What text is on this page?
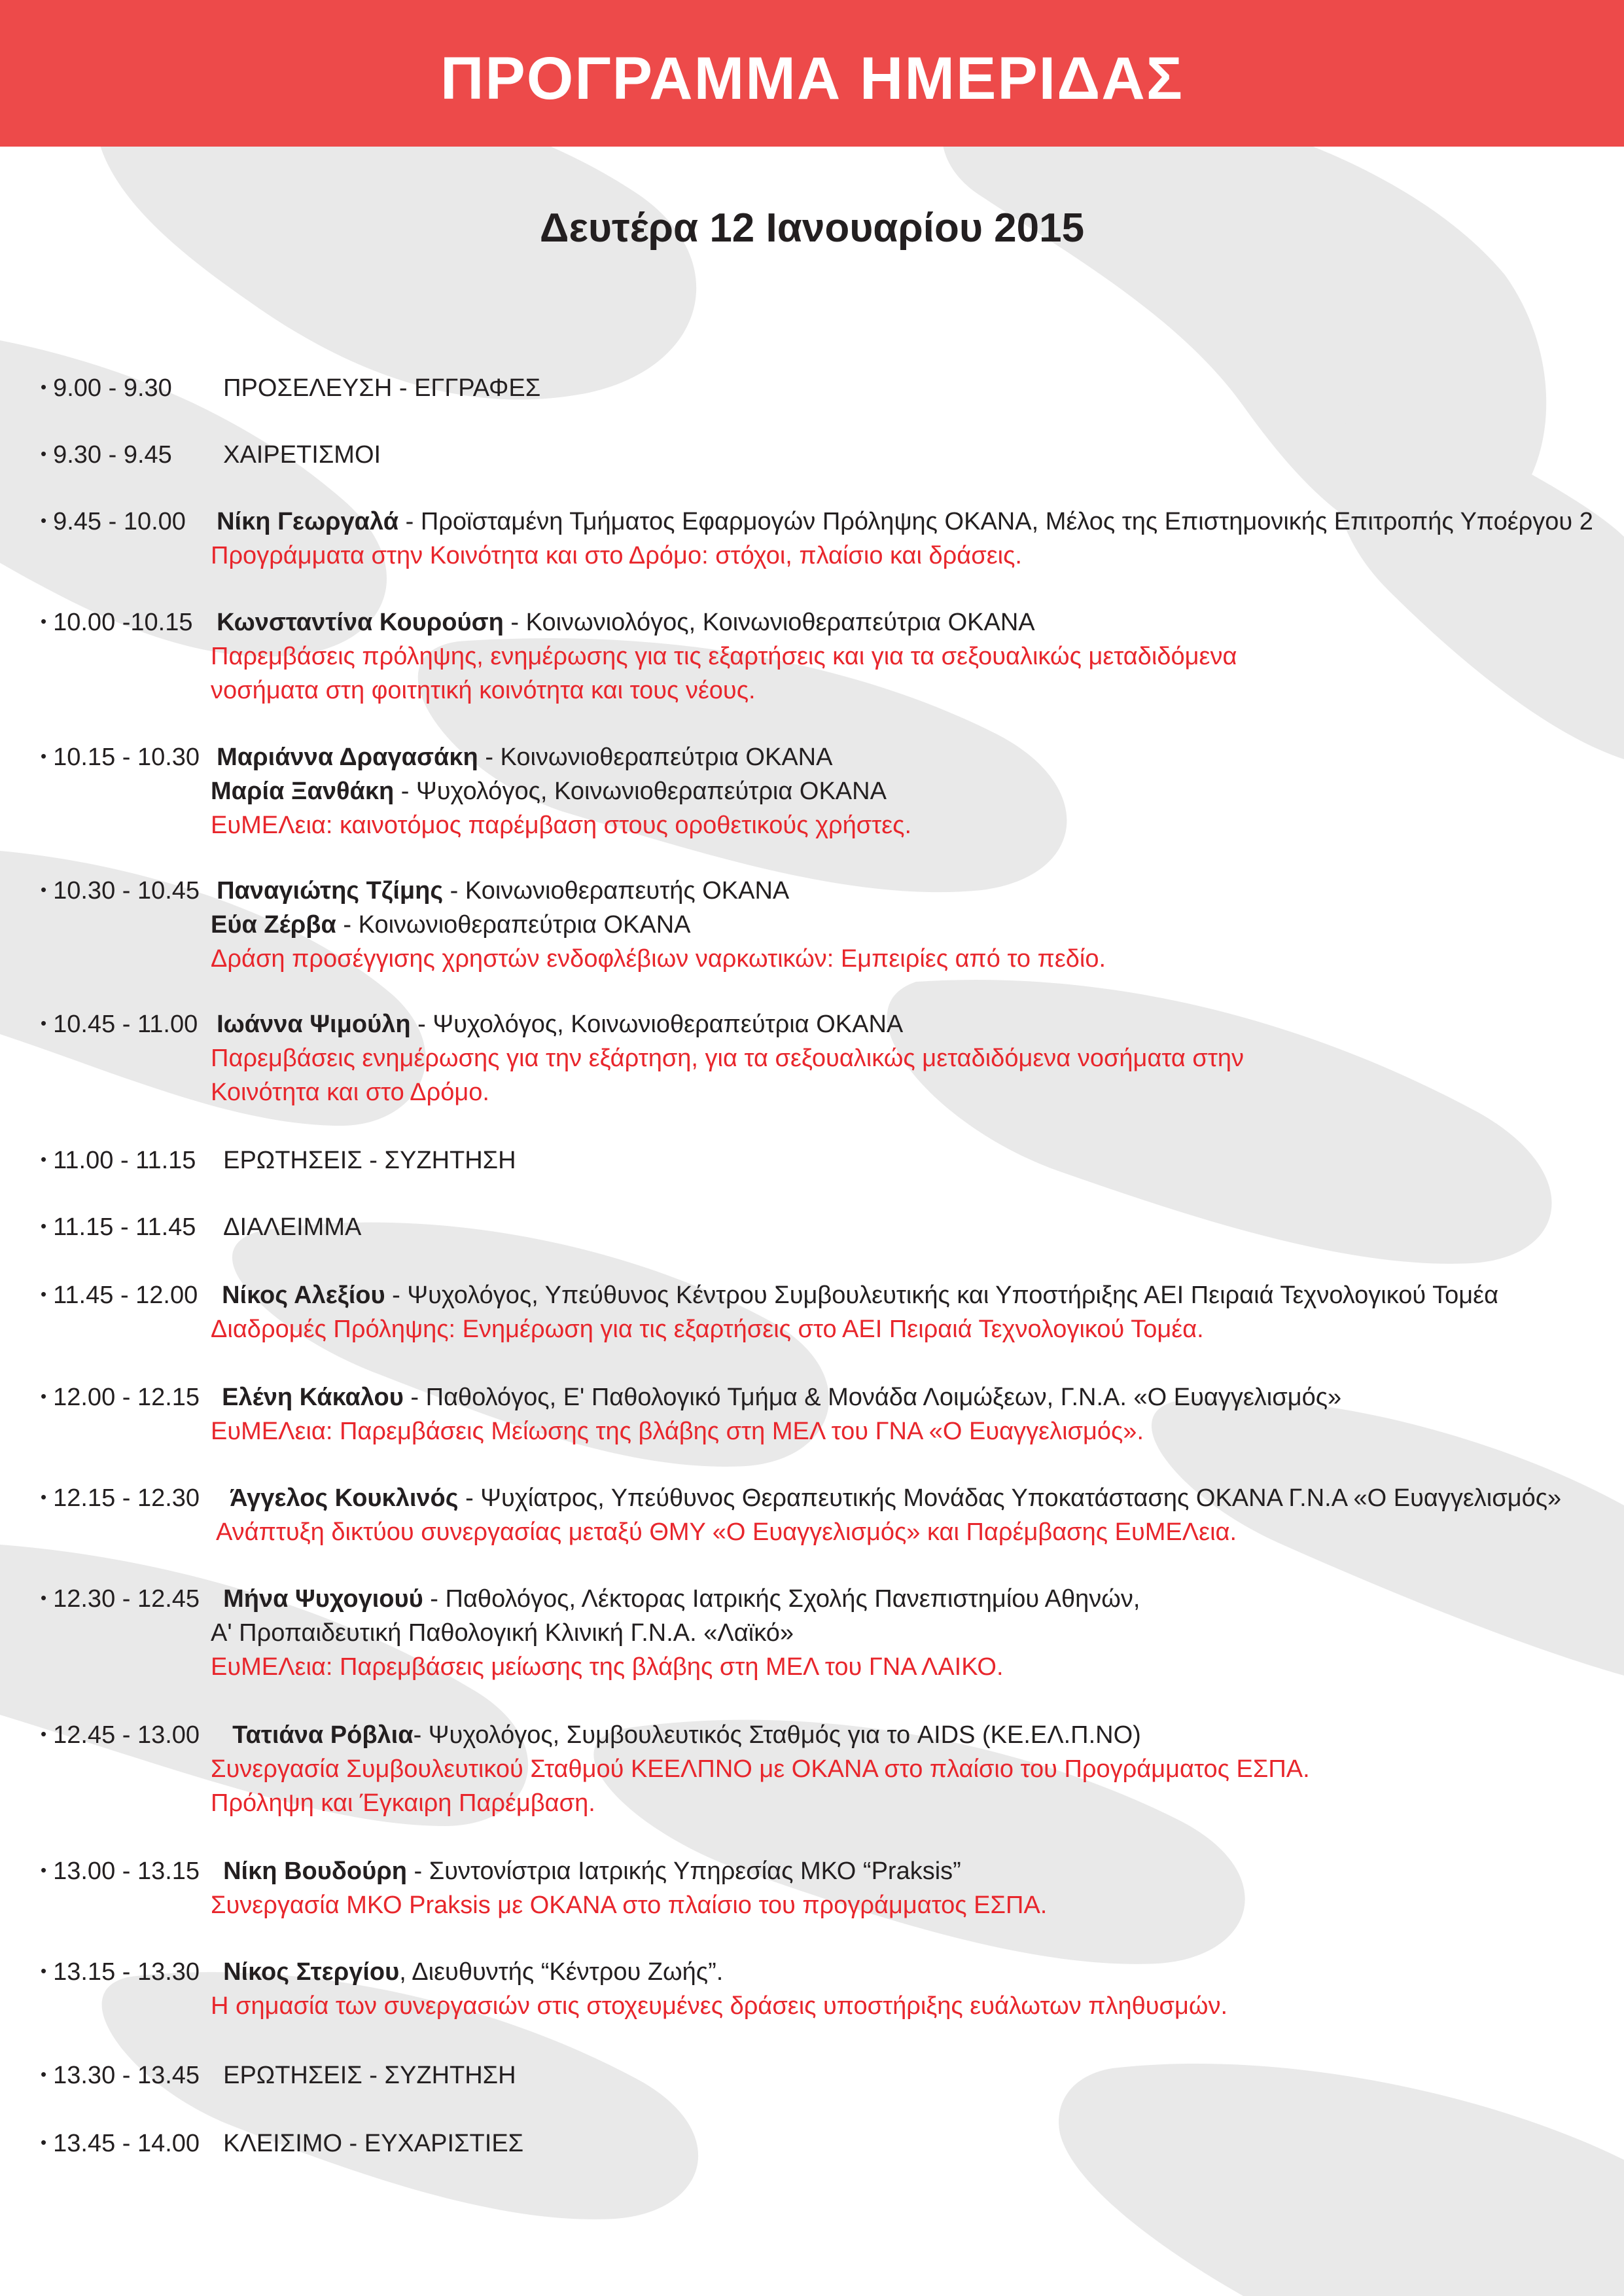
ΠΡΟΓΡΑΜΜΑ ΗΜΕΡΙΔΑΣ
Δευτέρα 12 Ιανουαρίου 2015
• 9.00 - 9.30 ΠΡΟΣΕΛΕΥΣΗ - ΕΓΓΡΑΦΕΣ
• 9.30 - 9.45 ΧΑΙΡΕΤΙΣΜΟΙ
• 9.45 - 10.00 Νίκη Γεωργαλά - Προϊσταμένη Τμήματος Εφαρμογών Πρόληψης ΟΚΑΝΑ, Μέλος της Επιστημονικής Επιτροπής Υποέργου 2
Προγράμματα στην Κοινότητα και στο Δρόμο: στόχοι, πλαίσιο και δράσεις.
• 10.00 -10.15 Κωνσταντίνα Κουρούση - Κοινωνιολόγος, Κοινωνιοθεραπεύτρια ΟΚΑΝΑ
Παρεμβάσεις πρόληψης, ενημέρωσης για τις εξαρτήσεις και για τα σεξουαλικώς μεταδιδόμενα
νοσήματα στη φοιτητική κοινότητα και τους νέους.
• 10.15 - 10.30 Μαριάννα Δραγασάκη - Κοινωνιοθεραπεύτρια ΟΚΑΝΑ
Μαρία Ξανθάκη - Ψυχολόγος, Κοινωνιοθεραπεύτρια ΟΚΑΝΑ
ΕυΜΕΛεια: καινοτόμος παρέμβαση στους οροθετικούς χρήστες.
• 10.30 - 10.45 Παναγιώτης Τζίμης - Κοινωνιοθεραπευτής ΟΚΑΝΑ
Εύα Ζέρβα - Κοινωνιοθεραπεύτρια ΟΚΑΝΑ
Δράση προσέγγισης χρηστών ενδοφλέβιων ναρκωτικών: Εμπειρίες από το πεδίο.
• 10.45 - 11.00 Ιωάννα Ψιμούλη - Ψυχολόγος, Κοινωνιοθεραπεύτρια ΟΚΑΝΑ
Παρεμβάσεις ενημέρωσης για την εξάρτηση, για τα σεξουαλικώς μεταδιδόμενα νοσήματα στην
Κοινότητα και στο Δρόμο.
• 11.00 - 11.15 ΕΡΩΤΗΣΕΙΣ - ΣΥΖΗΤΗΣΗ
• 11.15 - 11.45 ΔΙΑΛΕΙΜΜΑ
• 11.45 - 12.00 Νίκος Αλεξίου - Ψυχολόγος, Υπεύθυνος Κέντρου Συμβουλευτικής και Υποστήριξης ΑΕΙ Πειραιά Τεχνολογικού Τομέα
Διαδρομές Πρόληψης: Ενημέρωση για τις εξαρτήσεις στο ΑΕΙ Πειραιά Τεχνολογικού Τομέα.
• 12.00 - 12.15 Ελένη Κάκαλου - Παθολόγος, Ε' Παθολογικό Τμήμα & Μονάδα Λοιμώξεων, Γ.Ν.Α. «Ο Ευαγγελισμός»
ΕυΜΕΛεια: Παρεμβάσεις Μείωσης της βλάβης στη ΜΕΛ του ΓΝΑ «Ο Ευαγγελισμός».
• 12.15 - 12.30 Άγγελος Κουκλινός - Ψυχίατρος, Υπεύθυνος Θεραπευτικής Μονάδας Υποκατάστασης ΟΚΑΝΑ Γ.Ν.Α «Ο Ευαγγελισμός»
Ανάπτυξη δικτύου συνεργασίας μεταξύ ΘΜΥ «Ο Ευαγγελισμός» και Παρέμβασης ΕυΜΕΛεια.
• 12.30 - 12.45 Μήνα Ψυχογιουύ - Παθολόγος, Λέκτορας Ιατρικής Σχολής Πανεπιστημίου Αθηνών,
Α' Προπαιδευτική Παθολογική Κλινική Γ.Ν.Α. «Λαϊκό»
ΕυΜΕΛεια: Παρεμβάσεις μείωσης της βλάβης στη ΜΕΛ του ΓΝΑ ΛΑΙΚΟ.
• 12.45 - 13.00 Τατιάνα Ρόβλια- Ψυχολόγος, Συμβουλευτικός Σταθμός για το AIDS (ΚΕ.ΕΛ.Π.ΝΟ)
Συνεργασία Συμβουλευτικού Σταθμού ΚΕΕΛΠΝΟ με ΟΚΑΝΑ στο πλαίσιο του Προγράμματος ΕΣΠΑ.
Πρόληψη και Έγκαιρη Παρέμβαση.
• 13.00 - 13.15 Νίκη Βουδούρη - Συντονίστρια Ιατρικής Υπηρεσίας ΜΚΟ “Praksis”
Συνεργασία ΜΚΟ Praksis με ΟΚΑΝΑ στο πλαίσιο του προγράμματος ΕΣΠΑ.
• 13.15 - 13.30 Νίκος Στεργίου, Διευθυντής “Κέντρου Ζωής”.
Η σημασία των συνεργασιών στις στοχευμένες δράσεις υποστήριξης ευάλωτων πληθυσμών.
• 13.30 - 13.45 ΕΡΩΤΗΣΕΙΣ - ΣΥΖΗΤΗΣΗ
• 13.45 - 14.00 ΚΛΕΙΣΙΜΟ - ΕΥΧΑΡΙΣΤΙΕΣ
